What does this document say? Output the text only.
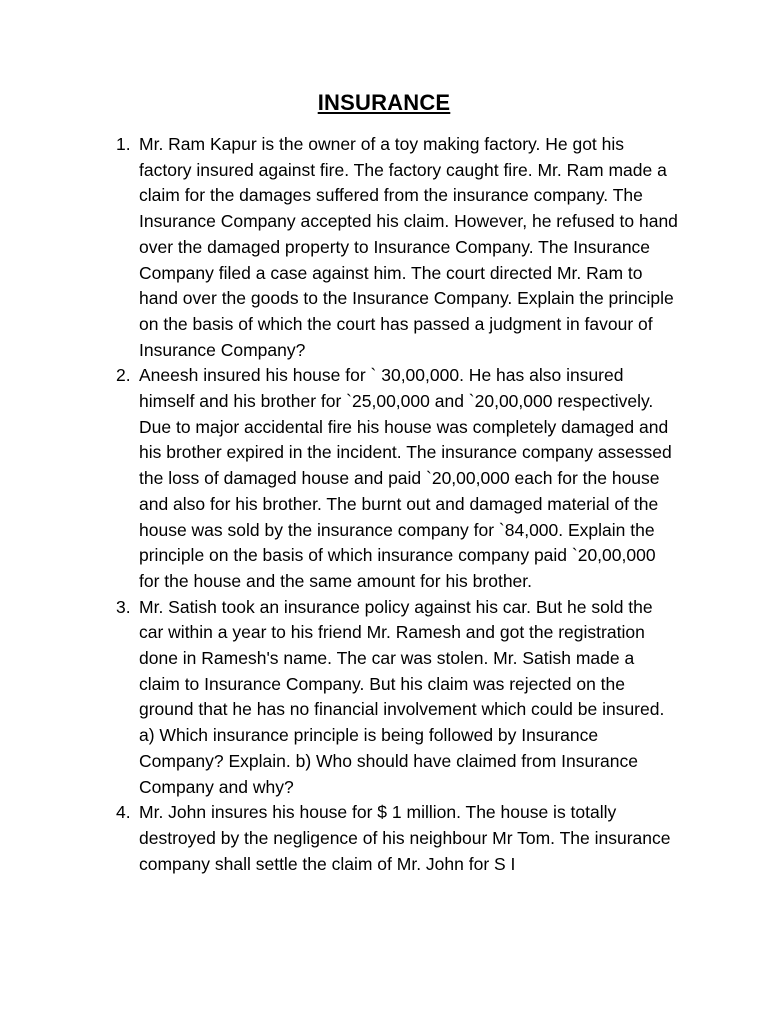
INSURANCE
1. Mr. Ram Kapur is the owner of a toy making factory. He got his factory insured against fire. The factory caught fire. Mr. Ram made a claim for the damages suffered from the insurance company. The Insurance Company accepted his claim. However, he refused to hand over the damaged property to Insurance Company. The Insurance Company filed a case against him. The court directed Mr. Ram to hand over the goods to the Insurance Company. Explain the principle on the basis of which the court has passed a judgment in favour of Insurance Company?
2. Aneesh insured his house for ` 30,00,000. He has also insured himself and his brother for `25,00,000 and `20,00,000 respectively. Due to major accidental fire his house was completely damaged and his brother expired in the incident. The insurance company assessed the loss of damaged house and paid `20,00,000 each for the house and also for his brother. The burnt out and damaged material of the house was sold by the insurance company for `84,000. Explain the principle on the basis of which insurance company paid `20,00,000 for the house and the same amount for his brother.
3. Mr. Satish took an insurance policy against his car. But he sold the car within a year to his friend Mr. Ramesh and got the registration done in Ramesh's name. The car was stolen. Mr. Satish made a claim to Insurance Company. But his claim was rejected on the ground that he has no financial involvement which could be insured. a) Which insurance principle is being followed by Insurance Company? Explain. b) Who should have claimed from Insurance Company and why?
4. Mr. John insures his house for $ 1 million. The house is totally destroyed by the negligence of his neighbour Mr Tom. The insurance company shall settle the claim of Mr. John for S I
